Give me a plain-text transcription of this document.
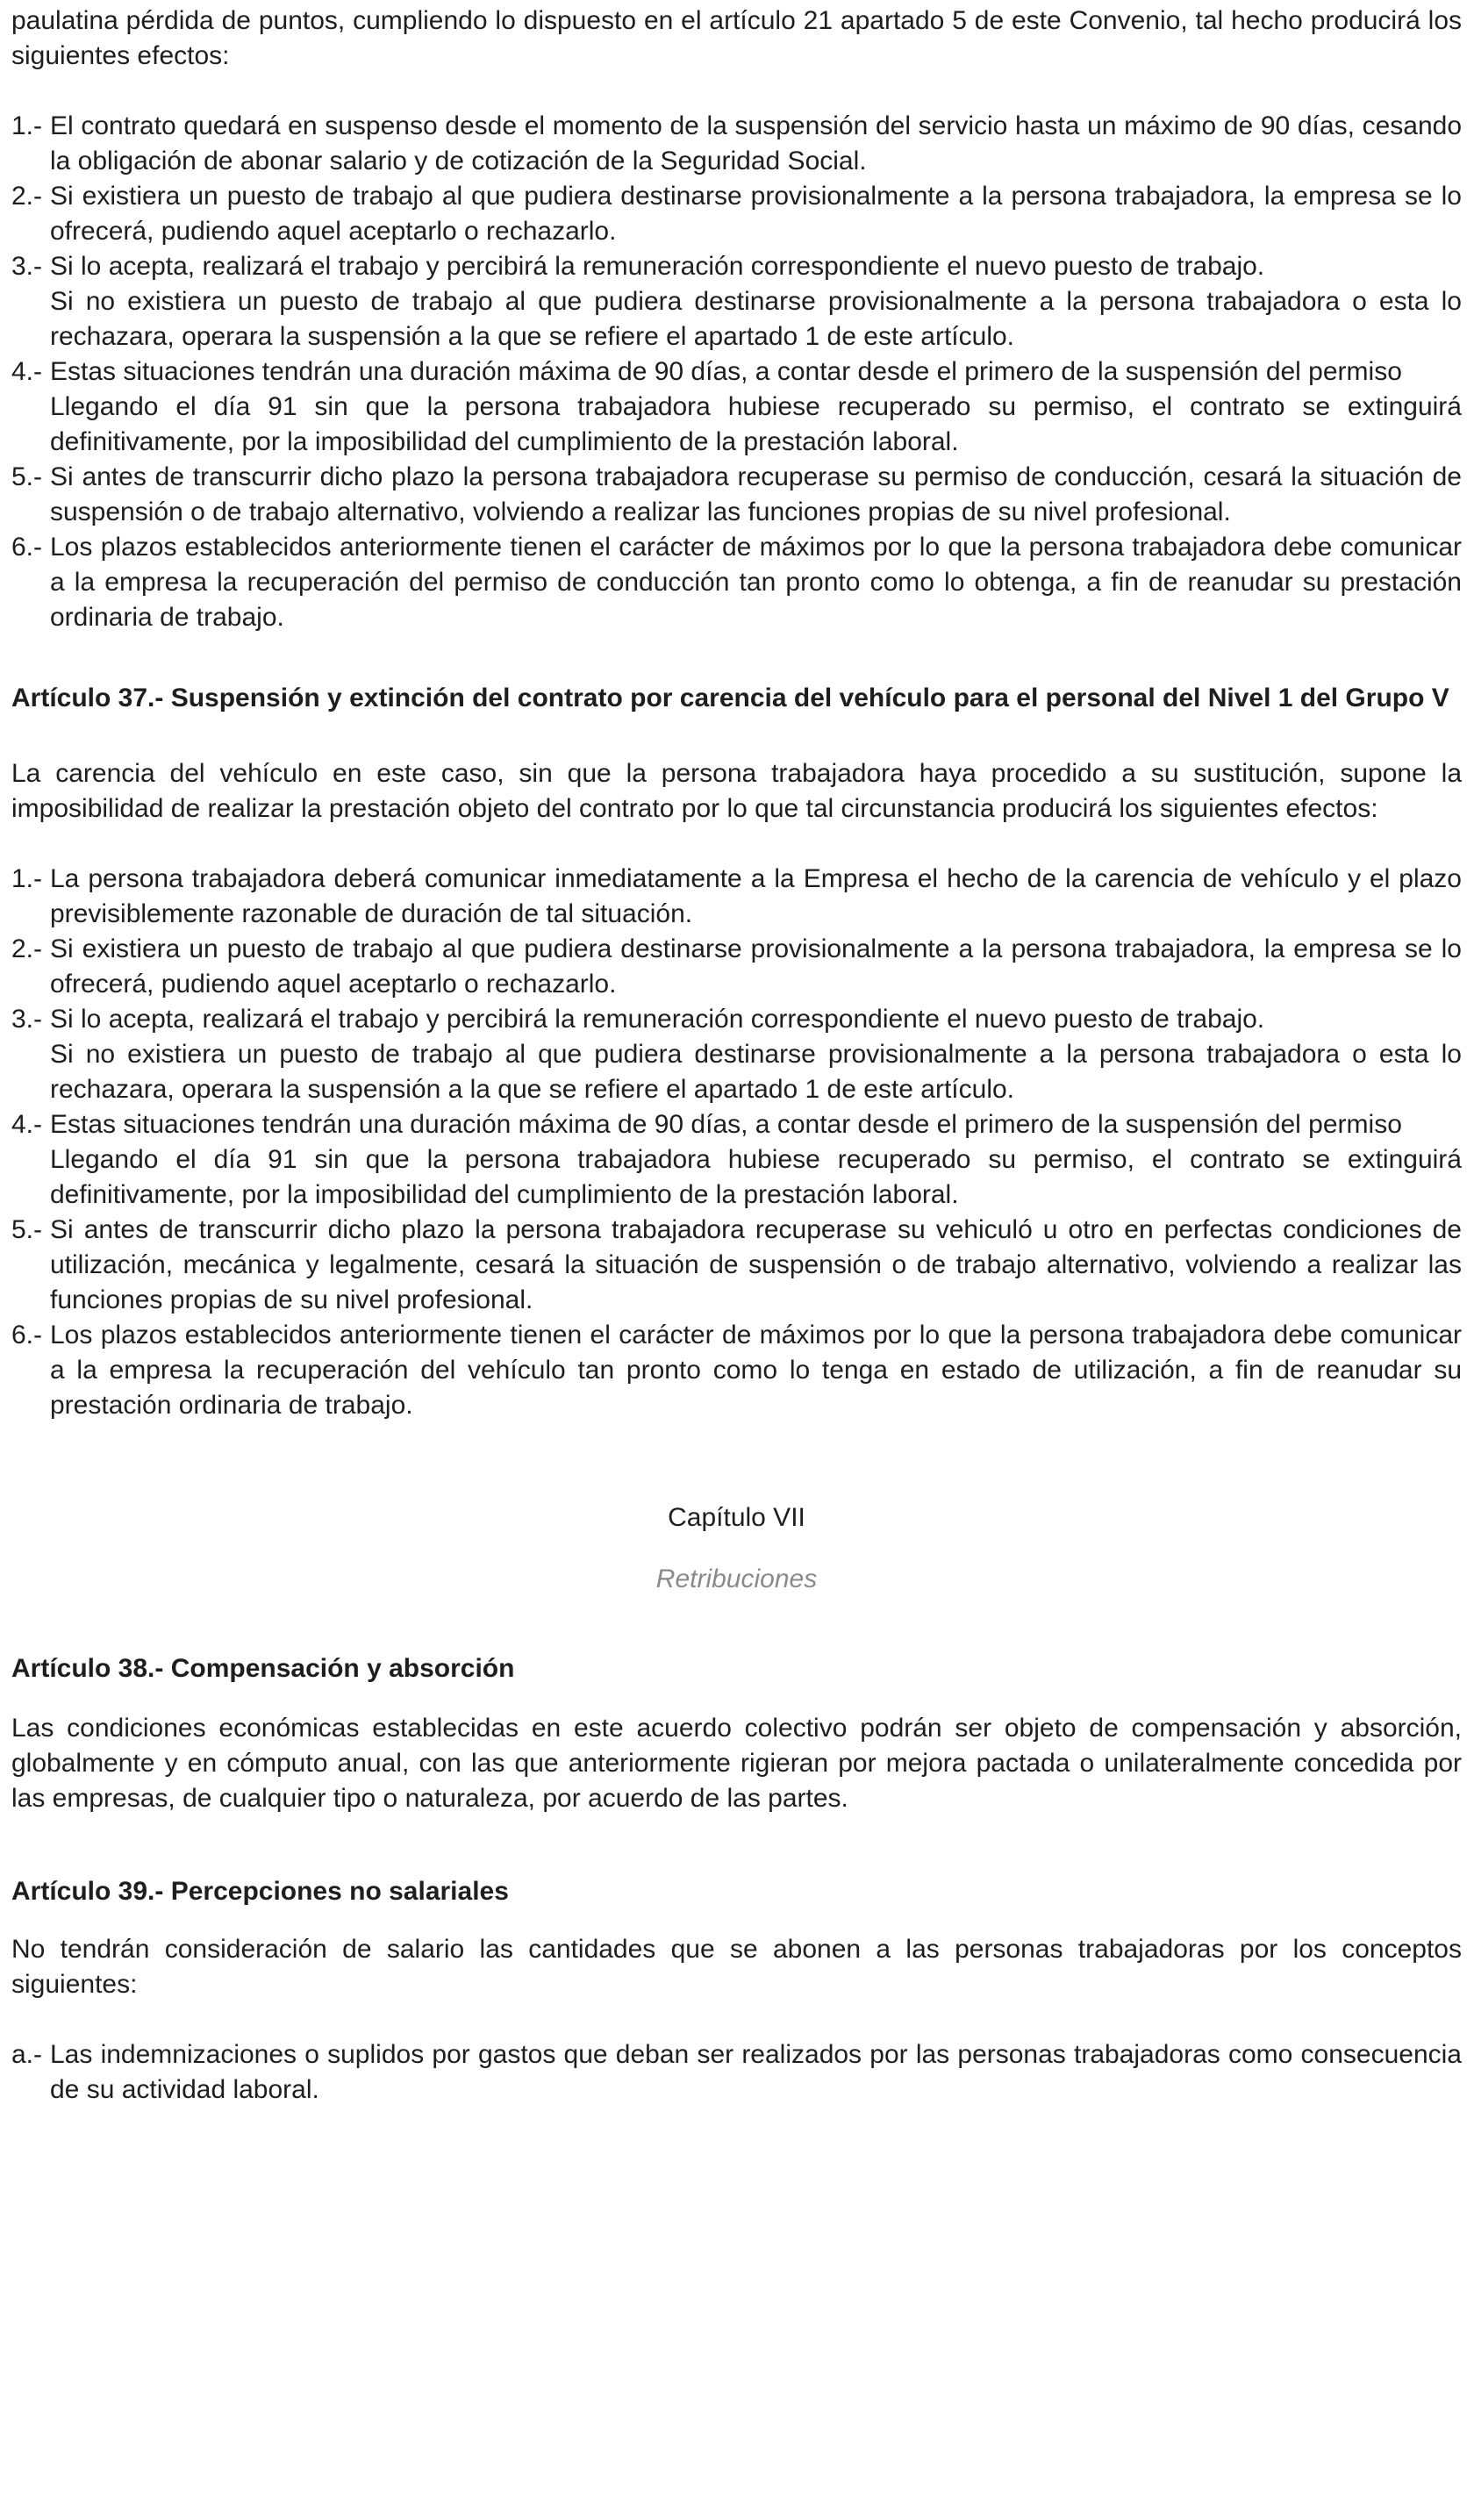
paulatina pérdida de puntos, cumpliendo lo dispuesto en el artículo 21 apartado 5 de este Convenio, tal hecho producirá los siguientes efectos:

1.- El contrato quedará en suspenso desde el momento de la suspensión del servicio hasta un máximo de 90 días, cesando la obligación de abonar salario y de cotización de la Seguridad Social.

2.- Si existiera un puesto de trabajo al que pudiera destinarse provisionalmente a la persona trabajadora, la empresa se lo ofrecerá, pudiendo aquel aceptarlo o rechazarlo.

3.- Si lo acepta, realizará el trabajo y percibirá la remuneración correspondiente el nuevo puesto de trabajo.

Si no existiera un puesto de trabajo al que pudiera destinarse provisionalmente a la persona trabajadora o esta lo rechazara, operara la suspensión a la que se refiere el apartado 1 de este artículo.

4.- Estas situaciones tendrán una duración máxima de 90 días, a contar desde el primero de la suspensión del permiso

Llegando el día 91 sin que la persona trabajadora hubiese recuperado su permiso, el contrato se extinguirá definitivamente, por la imposibilidad del cumplimiento de la prestación laboral.

5.- Si antes de transcurrir dicho plazo la persona trabajadora recuperase su permiso de conducción, cesará la situación de suspensión o de trabajo alternativo, volviendo a realizar las funciones propias de su nivel profesional.

6.- Los plazos establecidos anteriormente tienen el carácter de máximos por lo que la persona trabajadora debe comunicar a la empresa la recuperación del permiso de conducción tan pronto como lo obtenga, a fin de reanudar su prestación ordinaria de trabajo.

Artículo 37.- Suspensión y extinción del contrato por carencia del vehículo para el personal del Nivel 1 del Grupo V

La carencia del vehículo en este caso, sin que la persona trabajadora haya procedido a su sustitución, supone la imposibilidad de realizar la prestación objeto del contrato por lo que tal circunstancia producirá los siguientes efectos:

1.- La persona trabajadora deberá comunicar inmediatamente a la Empresa el hecho de la carencia de vehículo y el plazo previsiblemente razonable de duración de tal situación.

2.- Si existiera un puesto de trabajo al que pudiera destinarse provisionalmente a la persona trabajadora, la empresa se lo ofrecerá, pudiendo aquel aceptarlo o rechazarlo.

3.- Si lo acepta, realizará el trabajo y percibirá la remuneración correspondiente el nuevo puesto de trabajo.

Si no existiera un puesto de trabajo al que pudiera destinarse provisionalmente a la persona trabajadora o esta lo rechazara, operara la suspensión a la que se refiere el apartado 1 de este artículo.

4.- Estas situaciones tendrán una duración máxima de 90 días, a contar desde el primero de la suspensión del permiso

Llegando el día 91 sin que la persona trabajadora hubiese recuperado su permiso, el contrato se extinguirá definitivamente, por la imposibilidad del cumplimiento de la prestación laboral.

5.- Si antes de transcurrir dicho plazo la persona trabajadora recuperase su vehiculó u otro en perfectas condiciones de utilización, mecánica y legalmente, cesará la situación de suspensión o de trabajo alternativo, volviendo a realizar las funciones propias de su nivel profesional.

6.- Los plazos establecidos anteriormente tienen el carácter de máximos por lo que la persona trabajadora debe comunicar a la empresa la recuperación del vehículo tan pronto como lo tenga en estado de utilización, a fin de reanudar su prestación ordinaria de trabajo.

Capítulo VII

Retribuciones

Artículo 38.- Compensación y absorción

Las condiciones económicas establecidas en este acuerdo colectivo podrán ser objeto de compensación y absorción, globalmente y en cómputo anual, con las que anteriormente rigieran por mejora pactada o unilateralmente concedida por las empresas, de cualquier tipo o naturaleza, por acuerdo de las partes.

Artículo 39.- Percepciones no salariales

No tendrán consideración de salario las cantidades que se abonen a las personas trabajadoras por los conceptos siguientes:

a.- Las indemnizaciones o suplidos por gastos que deban ser realizados por las personas trabajadoras como consecuencia de su actividad laboral.
